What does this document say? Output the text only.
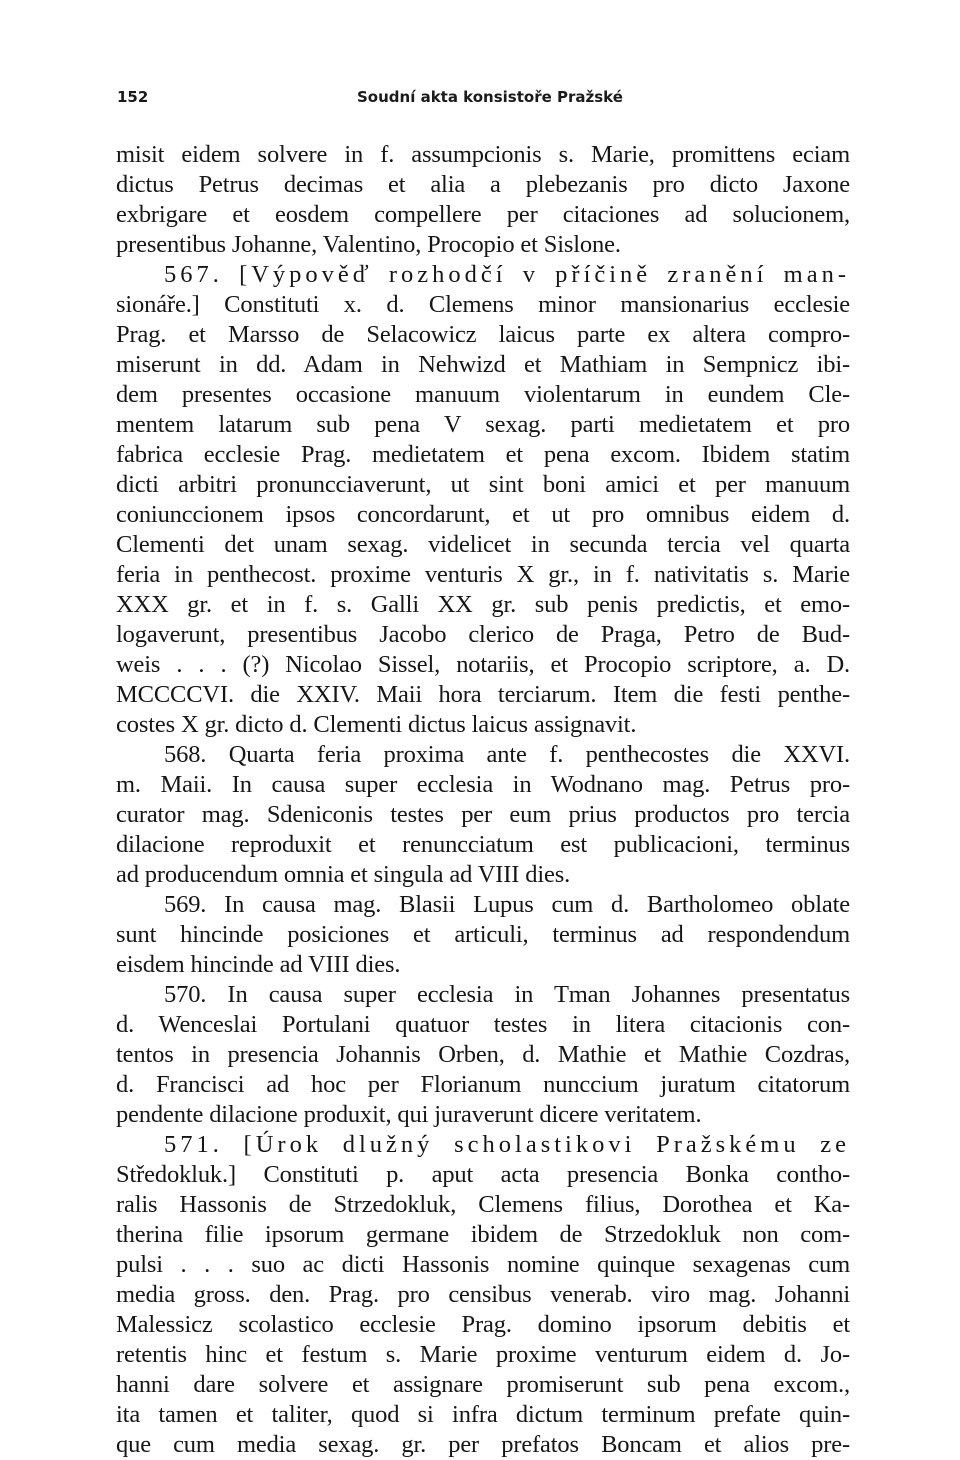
152	Soudní akta konsistoře Pražské
misit eidem solvere in f. assumpcionis s. Marie, promittens eciam
dictus Petrus decimas et alia a plebezanis pro dicto Jaxone
exbrigare et eosdem compellere per citaciones ad solucionem,
presentibus Johanne, Valentino, Procopio et Sislone.
567. [Výpověď rozhodčí v příčině zranění man-
sionáře.] Constituti x. d. Clemens minor mansionarius ecclesie
Prag. et Marsso de Selacowicz laicus parte ex altera compro-
miserunt in dd. Adam in Nehwizd et Mathiam in Sempnicz ibi-
dem presentes occasione manuum violentarum in eundem Cle-
mentem latarum sub pena V sexag. parti medietatem et pro
fabrica ecclesie Prag. medietatem et pena excom. Ibidem statim
dicti arbitri pronuncciaverunt, ut sint boni amici et per manuum
coniunccionem ipsos concordarunt, et ut pro omnibus eidem d.
Clementi det unam sexag. videlicet in secunda tercia vel quarta
feria in penthecost. proxime venturis X gr., in f. nativitatis s. Marie
XXX gr. et in f. s. Galli XX gr. sub penis predictis, et emo-
logaverunt, presentibus Jacobo clerico de Praga, Petro de Bud-
weis . . . (?) Nicolao Sissel, notariis, et Procopio scriptore, a. D.
MCCCCVI. die XXIV. Maii hora terciarum. Item die festi penthe-
costes X gr. dicto d. Clementi dictus laicus assignavit.
568. Quarta feria proxima ante f. penthecostes die XXVI.
m. Maii. In causa super ecclesia in Wodnano mag. Petrus pro-
curator mag. Sdeniconis testes per eum prius productos pro tercia
dilacione reproduxit et renuncciatum est publicacioni, terminus
ad producendum omnia et singula ad VIII dies.
569. In causa mag. Blasii Lupus cum d. Bartholomeo oblate
sunt hincinde posiciones et articuli, terminus ad respondendum
eisdem hincinde ad VIII dies.
570. In causa super ecclesia in Tman Johannes presentatus
d. Wenceslai Portulani quatuor testes in litera citacionis con-
tentos in presencia Johannis Orben, d. Mathie et Mathie Cozdras,
d. Francisci ad hoc per Florianum nunccium juratum citatorum
pendente dilacione produxit, qui juraverunt dicere veritatem.
571. [Úrok dlužný scholastikovi Pražskému ze
Středokluk.] Constituti p. aput acta presencia Bonka contho-
ralis Hassonis de Strzedokluk, Clemens filius, Dorothea et Ka-
therina filie ipsorum germane ibidem de Strzedokluk non com-
pulsi . . . suo ac dicti Hassonis nomine quinque sexagenas cum
media gross. den. Prag. pro censibus venerab. viro mag. Johanni
Malessicz scolastico ecclesie Prag. domino ipsorum debitis et
retentis hinc et festum s. Marie proxime venturum eidem d. Jo-
hanni dare solvere et assignare promiserunt sub pena excom.,
ita tamen et taliter, quod si infra dictum terminum prefate quin-
que cum media sexag. gr. per prefatos Boncam et alios pre-
